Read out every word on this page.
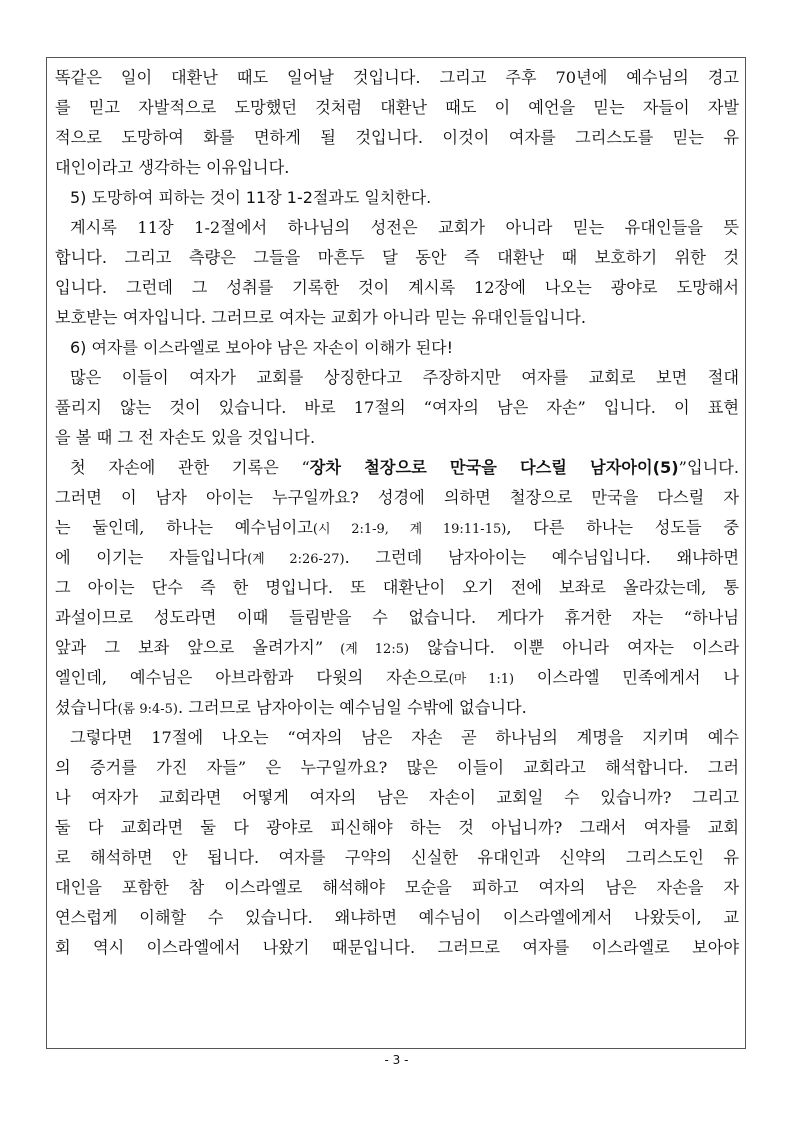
똑같은 일이 대환난 때도 일어날 것입니다. 그리고 주후 70년에 예수님의 경고
를 믿고 자발적으로 도망했던 것처럼 대환난 때도 이 예언을 믿는 자들이 자발
적으로 도망하여 화를 면하게 될 것입니다. 이것이 여자를 그리스도를 믿는 유
대인이라고 생각하는 이유입니다.
5) 도망하여 피하는 것이 11장 1-2절과도 일치한다.
계시록 11장 1-2절에서 하나님의 성전은 교회가 아니라 믿는 유대인들을 뜻
합니다. 그리고 측량은 그들을 마흔두 달 동안 즉 대환난 때 보호하기 위한 것
입니다. 그런데 그 성취를 기록한 것이 계시록 12장에 나오는 광야로 도망해서
보호받는 여자입니다. 그러므로 여자는 교회가 아니라 믿는 유대인들입니다.
6) 여자를 이스라엘로 보아야 남은 자손이 이해가 된다!
많은 이들이 여자가 교회를 상징한다고 주장하지만 여자를 교회로 보면 절대
풀리지 않는 것이 있습니다. 바로 17절의 “여자의 남은 자손” 입니다. 이 표현
을 볼 때 그 전 자손도 있을 것입니다.
첫 자손에 관한 기록은 “장차 철장으로 만국을 다스릴 남자아이(5)”입니다.
그러면 이 남자 아이는 누구일까요? 성경에 의하면 철장으로 만국을 다스릴 자
는 둘인데, 하나는 예수님이고(시 2:1-9, 계 19:11-15), 다른 하나는 성도들 중
에 이기는 자들입니다(계 2:26-27). 그런데 남자아이는 예수님입니다. 왜냐하면
그 아이는 단수 즉 한 명입니다. 또 대환난이 오기 전에 보좌로 올라갔는데, 통
과설이므로 성도라면 이때 들림받을 수 없습니다. 게다가 휴거한 자는 “하나님
앞과 그 보좌 앞으로 올려가지” (계 12:5) 않습니다. 이뿐 아니라 여자는 이스라
엘인데, 예수님은 아브라함과 다윗의 자손으로(마 1:1) 이스라엘 민족에게서 나
셨습니다(롬 9:4-5). 그러므로 남자아이는 예수님일 수밖에 없습니다.
그렇다면 17절에 나오는 “여자의 남은 자손 곧 하나님의 계명을 지키며 예수
의 증거를 가진 자들” 은 누구일까요? 많은 이들이 교회라고 해석합니다. 그러
나 여자가 교회라면 어떻게 여자의 남은 자손이 교회일 수 있습니까? 그리고
둘 다 교회라면 둘 다 광야로 피신해야 하는 것 아닙니까? 그래서 여자를 교회
로 해석하면 안 됩니다. 여자를 구약의 신실한 유대인과 신약의 그리스도인 유
대인을 포함한 참 이스라엘로 해석해야 모순을 피하고 여자의 남은 자손을 자
연스럽게 이해할 수 있습니다. 왜냐하면 예수님이 이스라엘에게서 나왔듯이, 교
회 역시 이스라엘에서 나왔기 때문입니다. 그러므로 여자를 이스라엘로 보아야
- 3 -
